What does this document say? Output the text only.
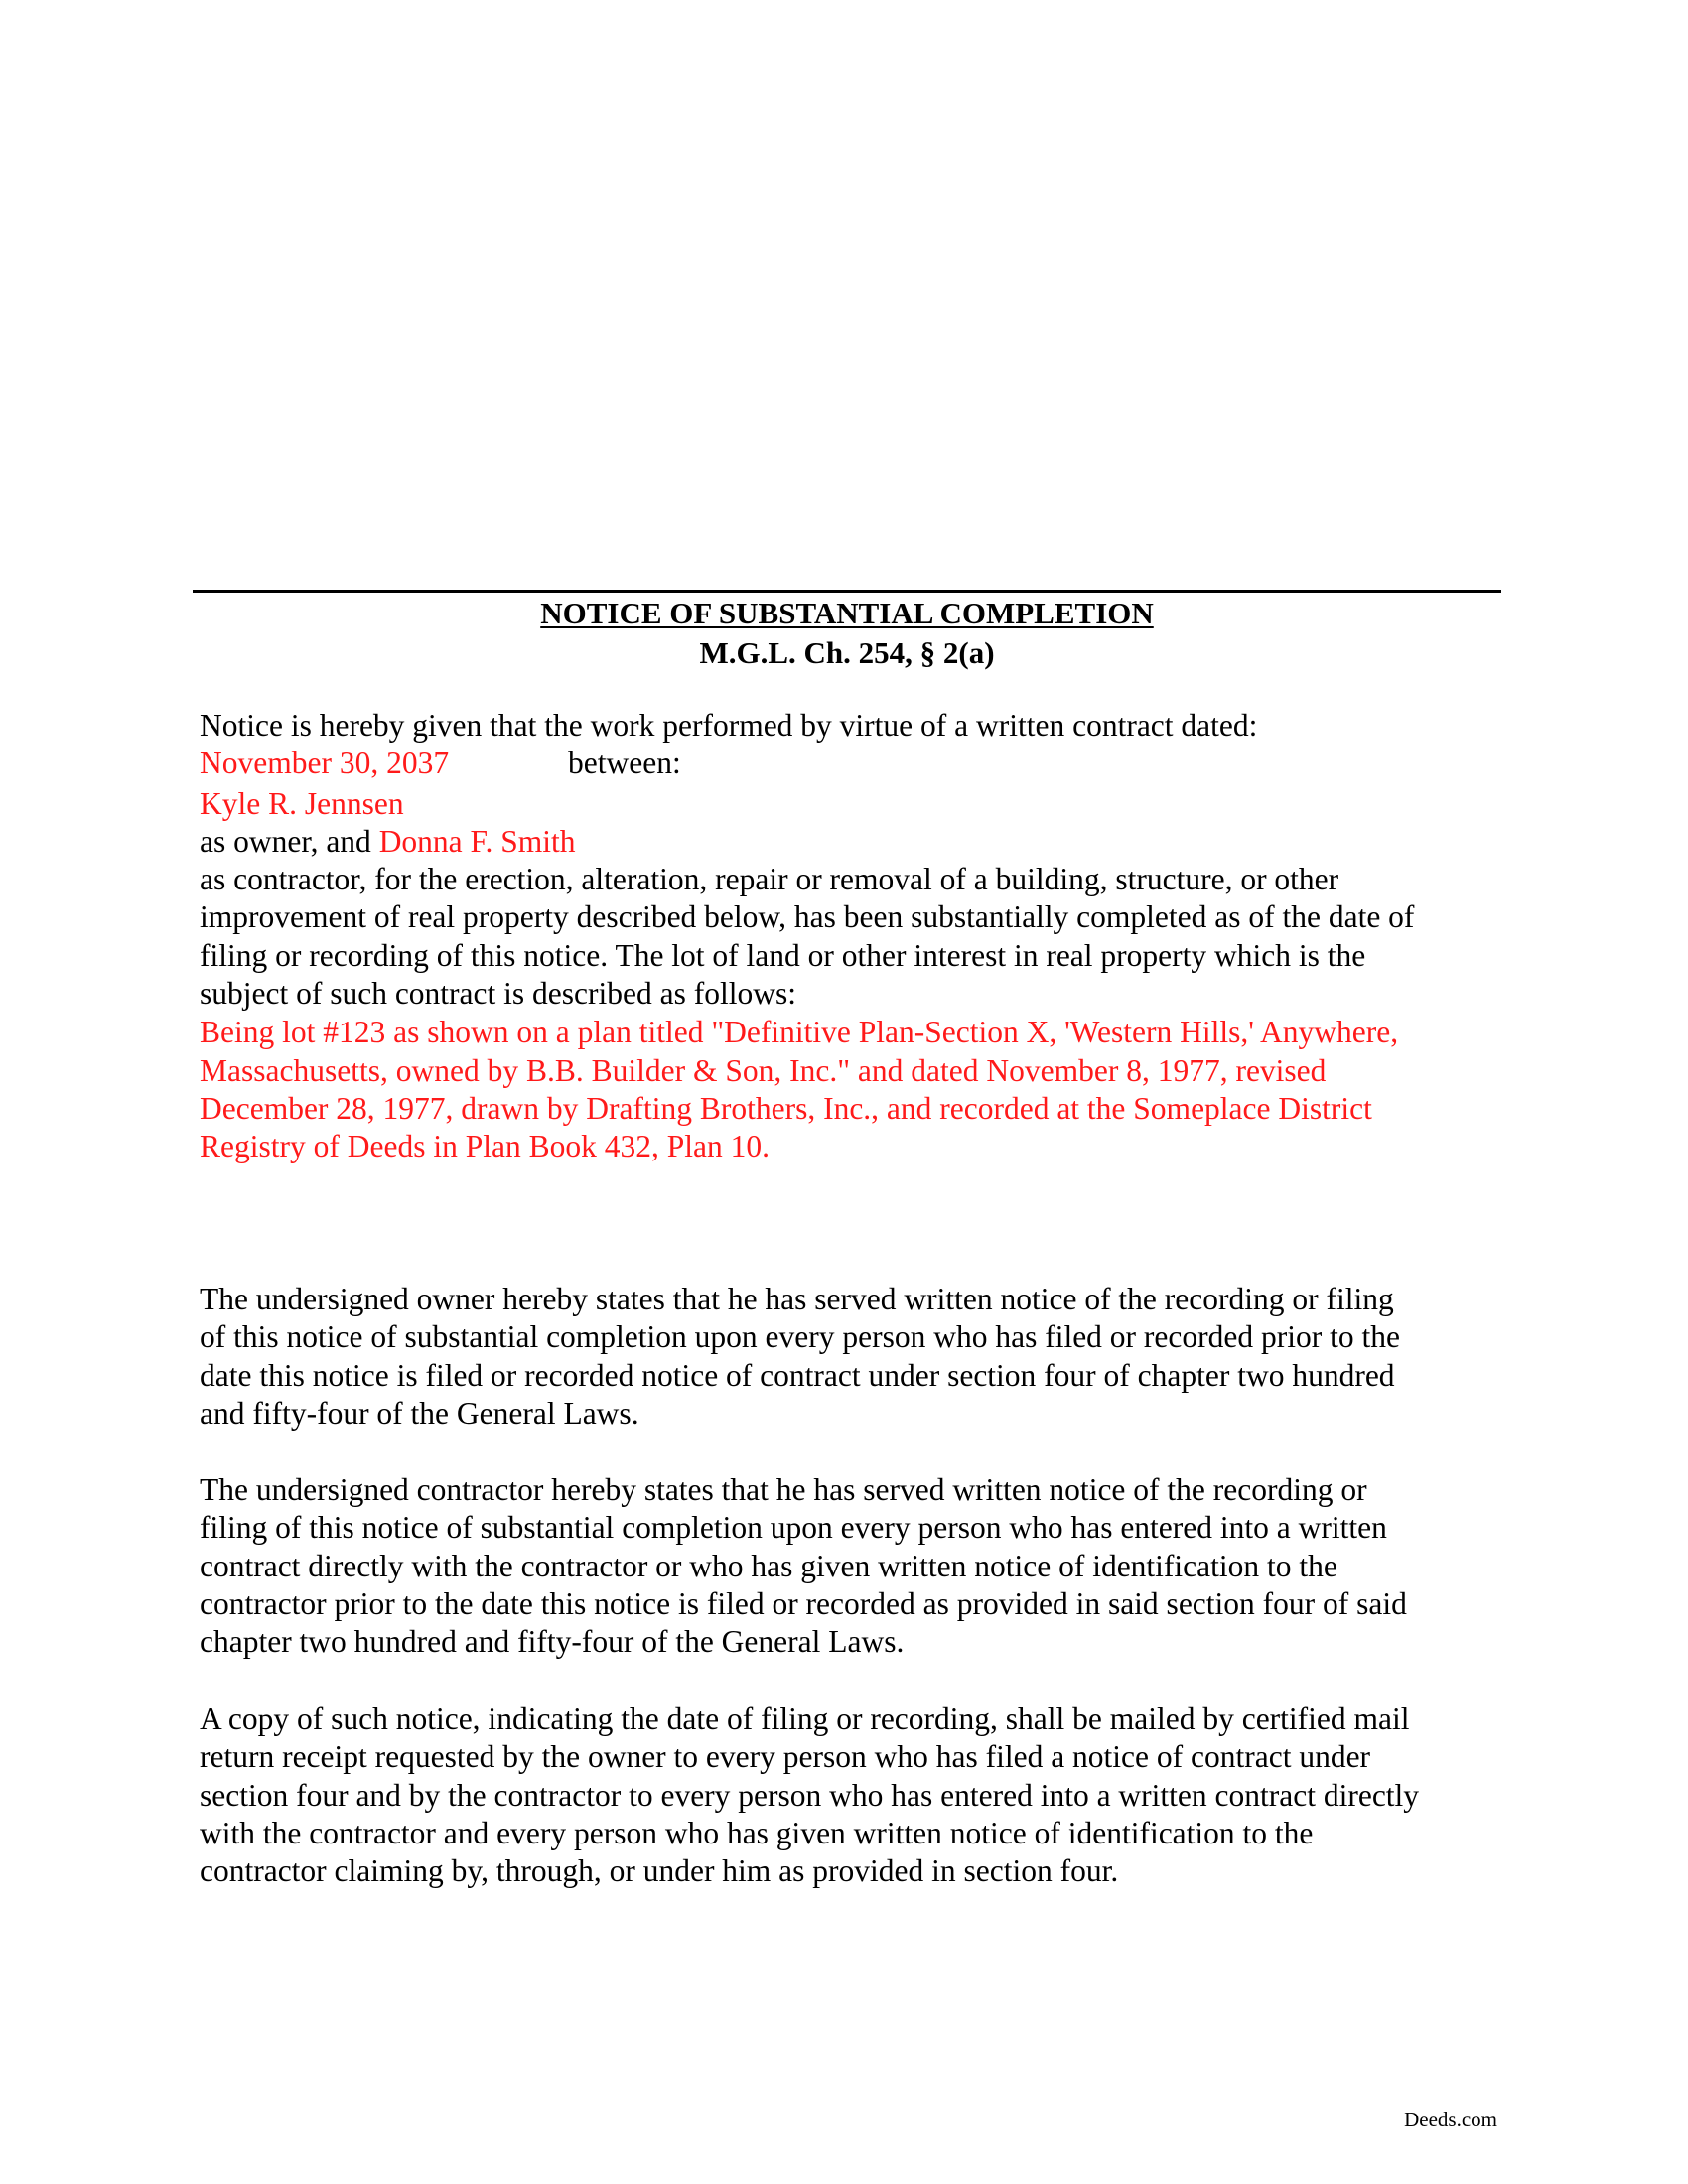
NOTICE OF SUBSTANTIAL COMPLETION
M.G.L. Ch. 254, § 2(a)
Notice is hereby given that the work performed by virtue of a written contract dated:
November 30, 2037	between:
Kyle R. Jennsen
as owner, and Donna F. Smith
as contractor, for the erection, alteration, repair or removal of a building, structure, or other
improvement of real property described below, has been substantially completed as of the date of
filing or recording of this notice. The lot of land or other interest in real property which is the
subject of such contract is described as follows:
Being lot #123 as shown on a plan titled "Definitive Plan-Section X, 'Western Hills,' Anywhere,
Massachusetts, owned by B.B. Builder & Son, Inc." and dated November 8, 1977, revised
December 28, 1977, drawn by Drafting Brothers, Inc., and recorded at the Someplace District
Registry of Deeds in Plan Book 432, Plan 10.
The undersigned owner hereby states that he has served written notice of the recording or filing
of this notice of substantial completion upon every person who has filed or recorded prior to the
date this notice is filed or recorded notice of contract under section four of chapter two hundred
and fifty-four of the General Laws.
The undersigned contractor hereby states that he has served written notice of the recording or
filing of this notice of substantial completion upon every person who has entered into a written
contract directly with the contractor or who has given written notice of identification to the
contractor prior to the date this notice is filed or recorded as provided in said section four of said
chapter two hundred and fifty-four of the General Laws.
A copy of such notice, indicating the date of filing or recording, shall be mailed by certified mail
return receipt requested by the owner to every person who has filed a notice of contract under
section four and by the contractor to every person who has entered into a written contract directly
with the contractor and every person who has given written notice of identification to the
contractor claiming by, through, or under him as provided in section four.
Deeds.com
